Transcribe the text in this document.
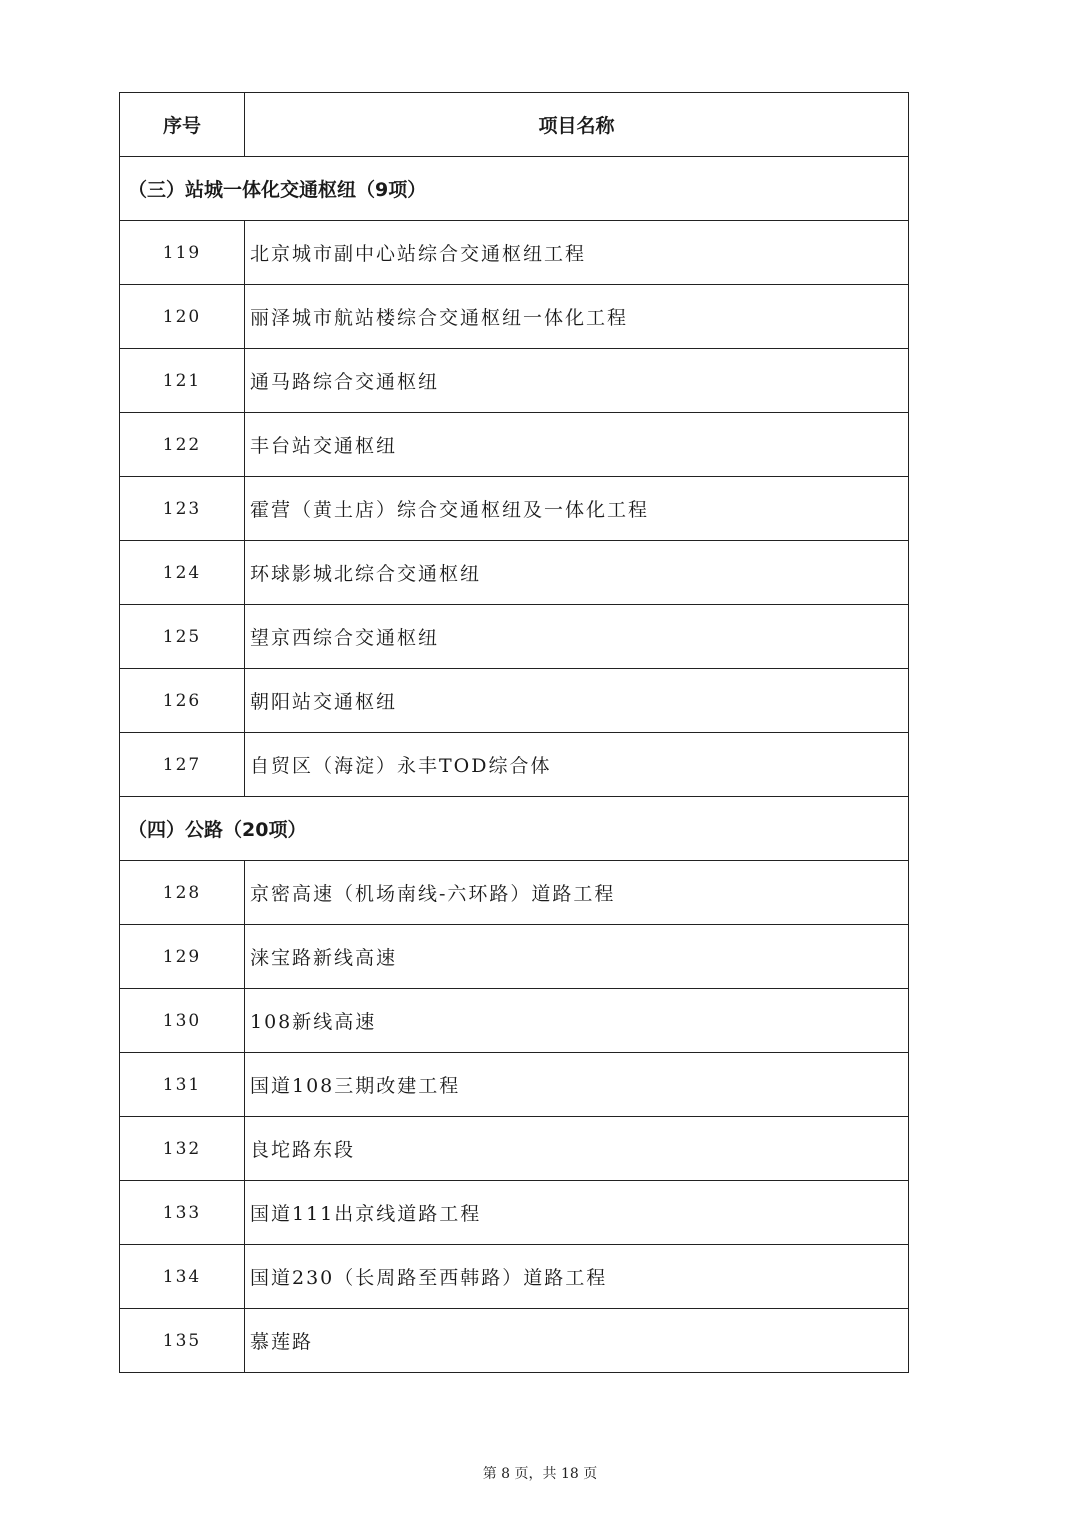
序号	项目名称
（三）站城一体化交通枢纽（9项）	
119	北京城市副中心站综合交通枢纽工程
120	丽泽城市航站楼综合交通枢纽一体化工程
121	通马路综合交通枢纽
122	丰台站交通枢纽
123	霍营（黄土店）综合交通枢纽及一体化工程
124	环球影城北综合交通枢纽
125	望京西综合交通枢纽
126	朝阳站交通枢纽
127	自贸区（海淀）永丰TOD综合体
（四）公路（20项）	
128	京密高速（机场南线-六环路）道路工程
129	涞宝路新线高速
130	108新线高速
131	国道108三期改建工程
132	良坨路东段
133	国道111出京线道路工程
134	国道230（长周路至西韩路）道路工程
135	慕莲路
第 8 页，共 18 页
